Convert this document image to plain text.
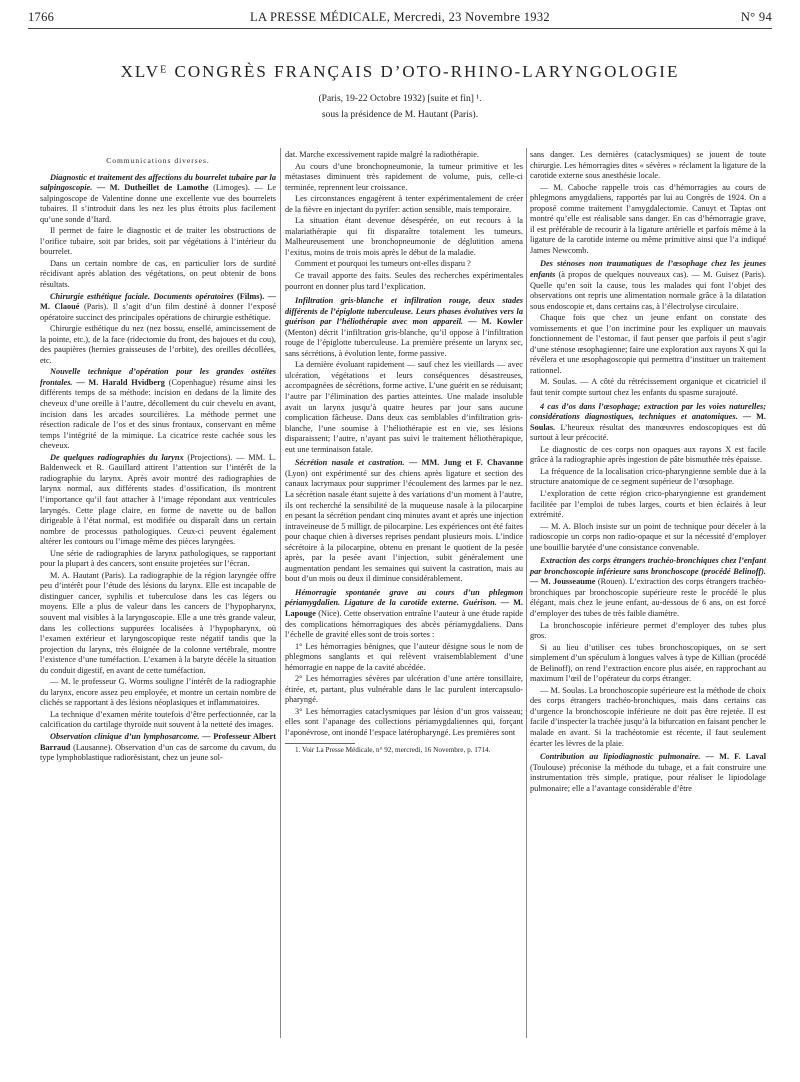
1766	LA PRESSE MÉDICALE, Mercredi, 23 Novembre 1932	N° 94
XLVᴱ CONGRÈS FRANÇAIS D’OTO-RHINO-LARYNGOLOGIE
(Paris, 19-22 Octobre 1932) [suite et fin] ¹.
sous la présidence de M. Hautant (Paris).

Communications diverses.

Diagnostic et traitement des affections du bourrelet tubaire par la salpingoscopie. — M. Dutheillet de Lamothe (Limoges). — Le salpingoscope de Valentine donne une excellente vue des bourrelets tubaires. Il s’introduit dans les nez les plus étroits plus facilement qu’une sonde d’Itard.

Il permet de faire le diagnostic et de traiter les obstructions de l’orifice tubaire, soit par brides, soit par végétations à l’intérieur du bourrelet.

Dans un certain nombre de cas, en particulier lors de surdité récidivant après ablation des végétations, on peut obtenir de bons résultats.

Chirurgie esthétique faciale. Documents opératoires (Films). — M. Claoué (Paris). Il s’agit d’un film destiné à donner l’exposé opératoire succinct des principales opérations de chirurgie esthétique.

Chirurgie esthétique du nez (nez bossu, ensellé, amincissement de la pointe, etc.), de la face (ridectomie du front, des bajoues et du cou), des paupières (hernies graisseuses de l’orbite), des oreilles décollées, etc.

Nouvelle technique d’opération pour les grandes ostéites frontales. — M. Harald Hvidberg (Copenhague) résume ainsi les différents temps de sa méthode: incision en dedans de la limite des cheveux d’une oreille à l’autre, décollement du cuir chevelu en avant, incision dans les arcades sourcilières. La méthode permet une résection radicale de l’os et des sinus frontaux, conservant en même temps l’intégrité de la mimique. La cicatrice reste cachée sous les cheveux.

De quelques radiographies du larynx (Projections). — MM. L. Baldenweck et R. Gauillard attirent l’attention sur l’intérêt de la radiographie du larynx. Après avoir montré des radiographies de larynx normal, aux différents stades d’ossification, ils montrent l’importance qu’il faut attacher à l’image répondant aux ventricules laryngés. Cette plage claire, en forme de navette ou de ballon dirigeable à l’état normal, est modifiée ou disparaît dans un certain nombre de processus pathologiques. Ceux-ci peuvent également altérer les contours ou l’image même des pièces laryngées.

Une série de radiographies de larynx pathologiques, se rapportant pour la plupart à des cancers, sont ensuite projetées sur l’écran.

M. A. Hautant (Paris). La radiographie de la région laryngée offre peu d’intérêt pour l’étude des lésions du larynx. Elle est incapable de distinguer cancer, syphilis et tuberculose dans les cas légers ou moyens. Elle a plus de valeur dans les cancers de l’hypopharynx, souvent mal visibles à la laryngoscopie. Elle a une très grande valeur, dans les collections suppurées localisées à l’hypopharynx, où l’examen extérieur et laryngoscopique reste négatif tandis que la projection du larynx, très éloignée de la colonne vertébrale, montre l’existence d’une tuméfaction. L’examen à la baryte décèle la situation du conduit digestif, en avant de cette tuméfaction.

— M. le professeur G. Worms souligne l’intérêt de la radiographie du larynx, encore assez peu employée, et montre un certain nombre de clichés se rapportant à des lésions néoplasiques et inflammatoires.

La technique d’examen mérite toutefois d’être perfectionnée, car la calcification du cartilage thyroïde nuit souvent à la netteté des images.

Observation clinique d’un lymphosarcome. — Professeur Albert Barraud (Lausanne). Observation d’un cas de sarcome du cavum, du type lymphoblastique radiorésistant, chez un jeune sol-

dat. Marche excessivement rapide malgré la radiothérapie.

Au cours d’une bronchopneumonie, la tumeur primitive et les métastases diminuent très rapidement de volume, puis, celle-ci terminée, reprennent leur croissance.

Les circonstances engagèrent à tenter expérimentalement de créer de la fièvre en injectant du pyrifer: action sensible, mais temporaire.

La situation étant devenue désespérée, on eut recours à la malariathérapie qui fit disparaître totalement les tumeurs. Malheureusement une bronchopneumonie de déglutition amena l’exitus, moins de trois mois après le début de la maladie.

Comment et pourquoi les tumeurs ont-elles disparu ?

Ce travail apporte des faits. Seules des recherches expérimentales pourront en donner plus tard l’explication.

Infiltration gris-blanche et infiltration rouge, deux stades différents de l’épiglotte tuberculeuse. Leurs phases évolutives vers la guérison par l’héliothérapie avec mon appareil. — M. Kowler (Menton) décrit l’infiltration gris-blanche, qu’il oppose à l’infiltration rouge de l’épiglotte tuberculeuse. La première présente un larynx sec, sans sécrétions, à évolution lente, forme passive.

La dernière évoluant rapidement — sauf chez les vieillards — avec ulcération, végétations et leurs conséquences désastreuses, accompagnées de sécrétions, forme active. L’une guérit en se réduisant; l’autre par l’élimination des parties atteintes. Une malade insoluble avait un larynx jusqu’à quatre heures par jour sans aucune complication fâcheuse. Dans deux cas semblables d’infiltration gris-blanche, l’une soumise à l’héliothérapie est en vie, ses lésions disparaissent; l’autre, n’ayant pas suivi le traitement héliothérapique, eut une terminaison fatale.

Sécrétion nasale et castration. — MM. Jung et F. Chavanne (Lyon) ont expérimenté sur des chiens après ligature et section des canaux lacrymaux pour supprimer l’écoulement des larmes par le nez. La sécrétion nasale étant sujette à des variations d’un moment à l’autre, ils ont recherché la sensibilité de la muqueuse nasale à la pilocarpine en pesant la sécrétion pendant cinq minutes avant et après une injection intraveineuse de 5 milligr. de pilocarpine. Les expériences ont été faites pour chaque chien à diverses reprises pendant plusieurs mois. L’indice sécrétoire à la pilocarpine, obtenu en prenant le quotient de la pesée après, par la pesée avant l’injection, subit généralement une augmentation pendant les semaines qui suivent la castration, mais au bout d’un mois ou deux il diminue considérablement.

Hémorragie spontanée grave au cours d’un phlegmon périamygdalien. Ligature de la carotide externe. Guérison. — M. Lapouge (Nice). Cette observation entraîne l’auteur à une étude rapide des complications hémorragiques des abcès périamygdaliens. Dans l’échelle de gravité elles sont de trois sortes :

1° Les hémorragies bénignes, que l’auteur désigne sous le nom de phlegmons sanglants et qui relèvent vraisemblablement d’une hémorragie en nappe de la cavité abcédée.

2° Les hémorragies sévères par ulcération d’une artère tonsillaire, étirée, et, partant, plus vulnérable dans le lac purulent intercapsulo-pharyngé.

3° Les hémorragies cataclysmiques par lésion d’un gros vaisseau; elles sont l’apanage des collections périamygdaliennes qui, forçant l’aponévrose, ont inondé l’espace latéropharyngé. Les premières sont

1. Voir La Presse Médicale, n° 92, mercredi, 16 Novembre, p. 1714.

sans danger. Les dernières (cataclysmiques) se jouent de toute chirurgie. Les hémorragies dites « sévères » réclament la ligature de la carotide externe sous anesthésie locale.

— M. Caboche rappelle trois cas d’hémorragies au cours de phlegmons amygdaliens, rapportés par lui au Congrès de 1924. On a proposé comme traitement l’amygdalectomie. Canuyt et Taptas ont montré qu’elle est réalisable sans danger. En cas d’hémorragie grave, il est préférable de recourir à la ligature artérielle et parfois même à la ligature de la carotide interne ou même primitive ainsi que l’a indiqué James Newcomb.

Des sténoses non traumatiques de l’œsophage chez les jeunes enfants (à propos de quelques nouveaux cas). — M. Guisez (Paris). Quelle qu’en soit la cause, tous les malades qui font l’objet des observations ont repris une alimentation normale grâce à la dilatation sous endoscopie et, dans certains cas, à l’électrolyse circulaire.

Chaque fois que chez un jeune enfant on constate des vomissements et que l’on incrimine pour les expliquer un mauvais fonctionnement de l’estomac, il faut penser que parfois il peut s’agir d’une sténose œsophagienne; faire une exploration aux rayons X qui la révélera et une œsophagoscopie qui permettra d’instituer un traitement rationnel.

M. Soulas. — A côté du rétrécissement organique et cicatriciel il faut tenir compte surtout chez les enfants du spasme surajouté.

4 cas d’os dans l’œsophage; extraction par les voies naturelles; considérations diagnostiques, techniques et anatomiques. — M. Soulas. L’heureux résultat des manœuvres endoscopiques est dû surtout à leur précocité.

Le diagnostic de ces corps non opaques aux rayons X est facile grâce à la radiographie après ingestion de pâte bismuthée très épaisse.

La fréquence de la localisation crico-pharyngienne semble due à la structure anatomique de ce segment supérieur de l’œsophage.

L’exploration de cette région crico-pharyngienne est grandement facilitée par l’emploi de tubes larges, courts et bien éclairés à leur extrémité.

— M. A. Bloch insiste sur un point de technique pour déceler à la radioscopie un corps non radio-opaque et sur la nécessité d’employer une bouillie barytée d’une consistance convenable.

Extraction des corps étrangers trachéo-bronchiques chez l’enfant par bronchoscopie inférieure sans bronchoscope (procédé Belinoff). — M. Jousseaume (Rouen). L’extraction des corps étrangers trachéo-bronchiques par bronchoscopie supérieure reste le procédé le plus élégant, mais chez le jeune enfant, au-dessous de 6 ans, on est forcé d’employer des tubes de très faible diamètre.

La bronchoscopie inférieure permet d’employer des tubes plus gros.

Si au lieu d’utiliser ces tubes bronchoscopiques, on se sert simplement d’un spéculum à longues valves à type de Killian (procédé de Belinoff), on rend l’extraction encore plus aisée, en rapprochant au maximum l’œil de l’opérateur du corps étranger.

— M. Soulas. La bronchoscopie supérieure est la méthode de choix des corps étrangers trachéo-bronchiques, mais dans certains cas d’urgence la bronchoscopie inférieure ne doit pas être rejetée. Il est facile d’inspecter la trachée jusqu’à la bifurcation en faisant pencher le malade en avant. Si la trachéotomie est récente, il faut seulement écarter les lèvres de la plaie.

Contribution au lipiodiagnostic pulmonaire. — M. F. Laval (Toulouse) préconise la méthode du tubage, et a fait construire une instrumentation très simple, pratique, pour réaliser le lipiodolage pulmonaire; elle a l’avantage considérable d’être
